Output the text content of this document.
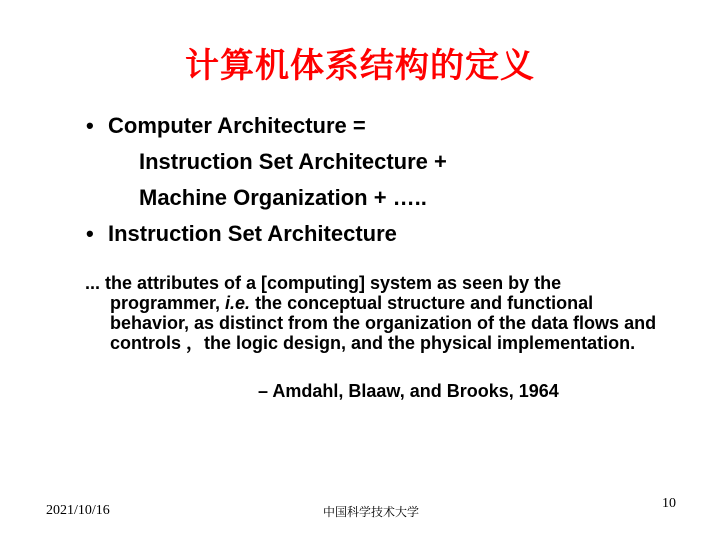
计算机体系结构的定义
• Computer Architecture =
Instruction Set Architecture +
Machine Organization + …..
• Instruction Set Architecture

... the attributes of a [computing] system as seen by the programmer, i.e. the conceptual structure and functional behavior, as distinct from the organization of the data flows and controls ，the logic design, and the physical implementation.

– Amdahl, Blaaw, and Brooks, 1964
2021/10/16	中国科学技术大学
10
